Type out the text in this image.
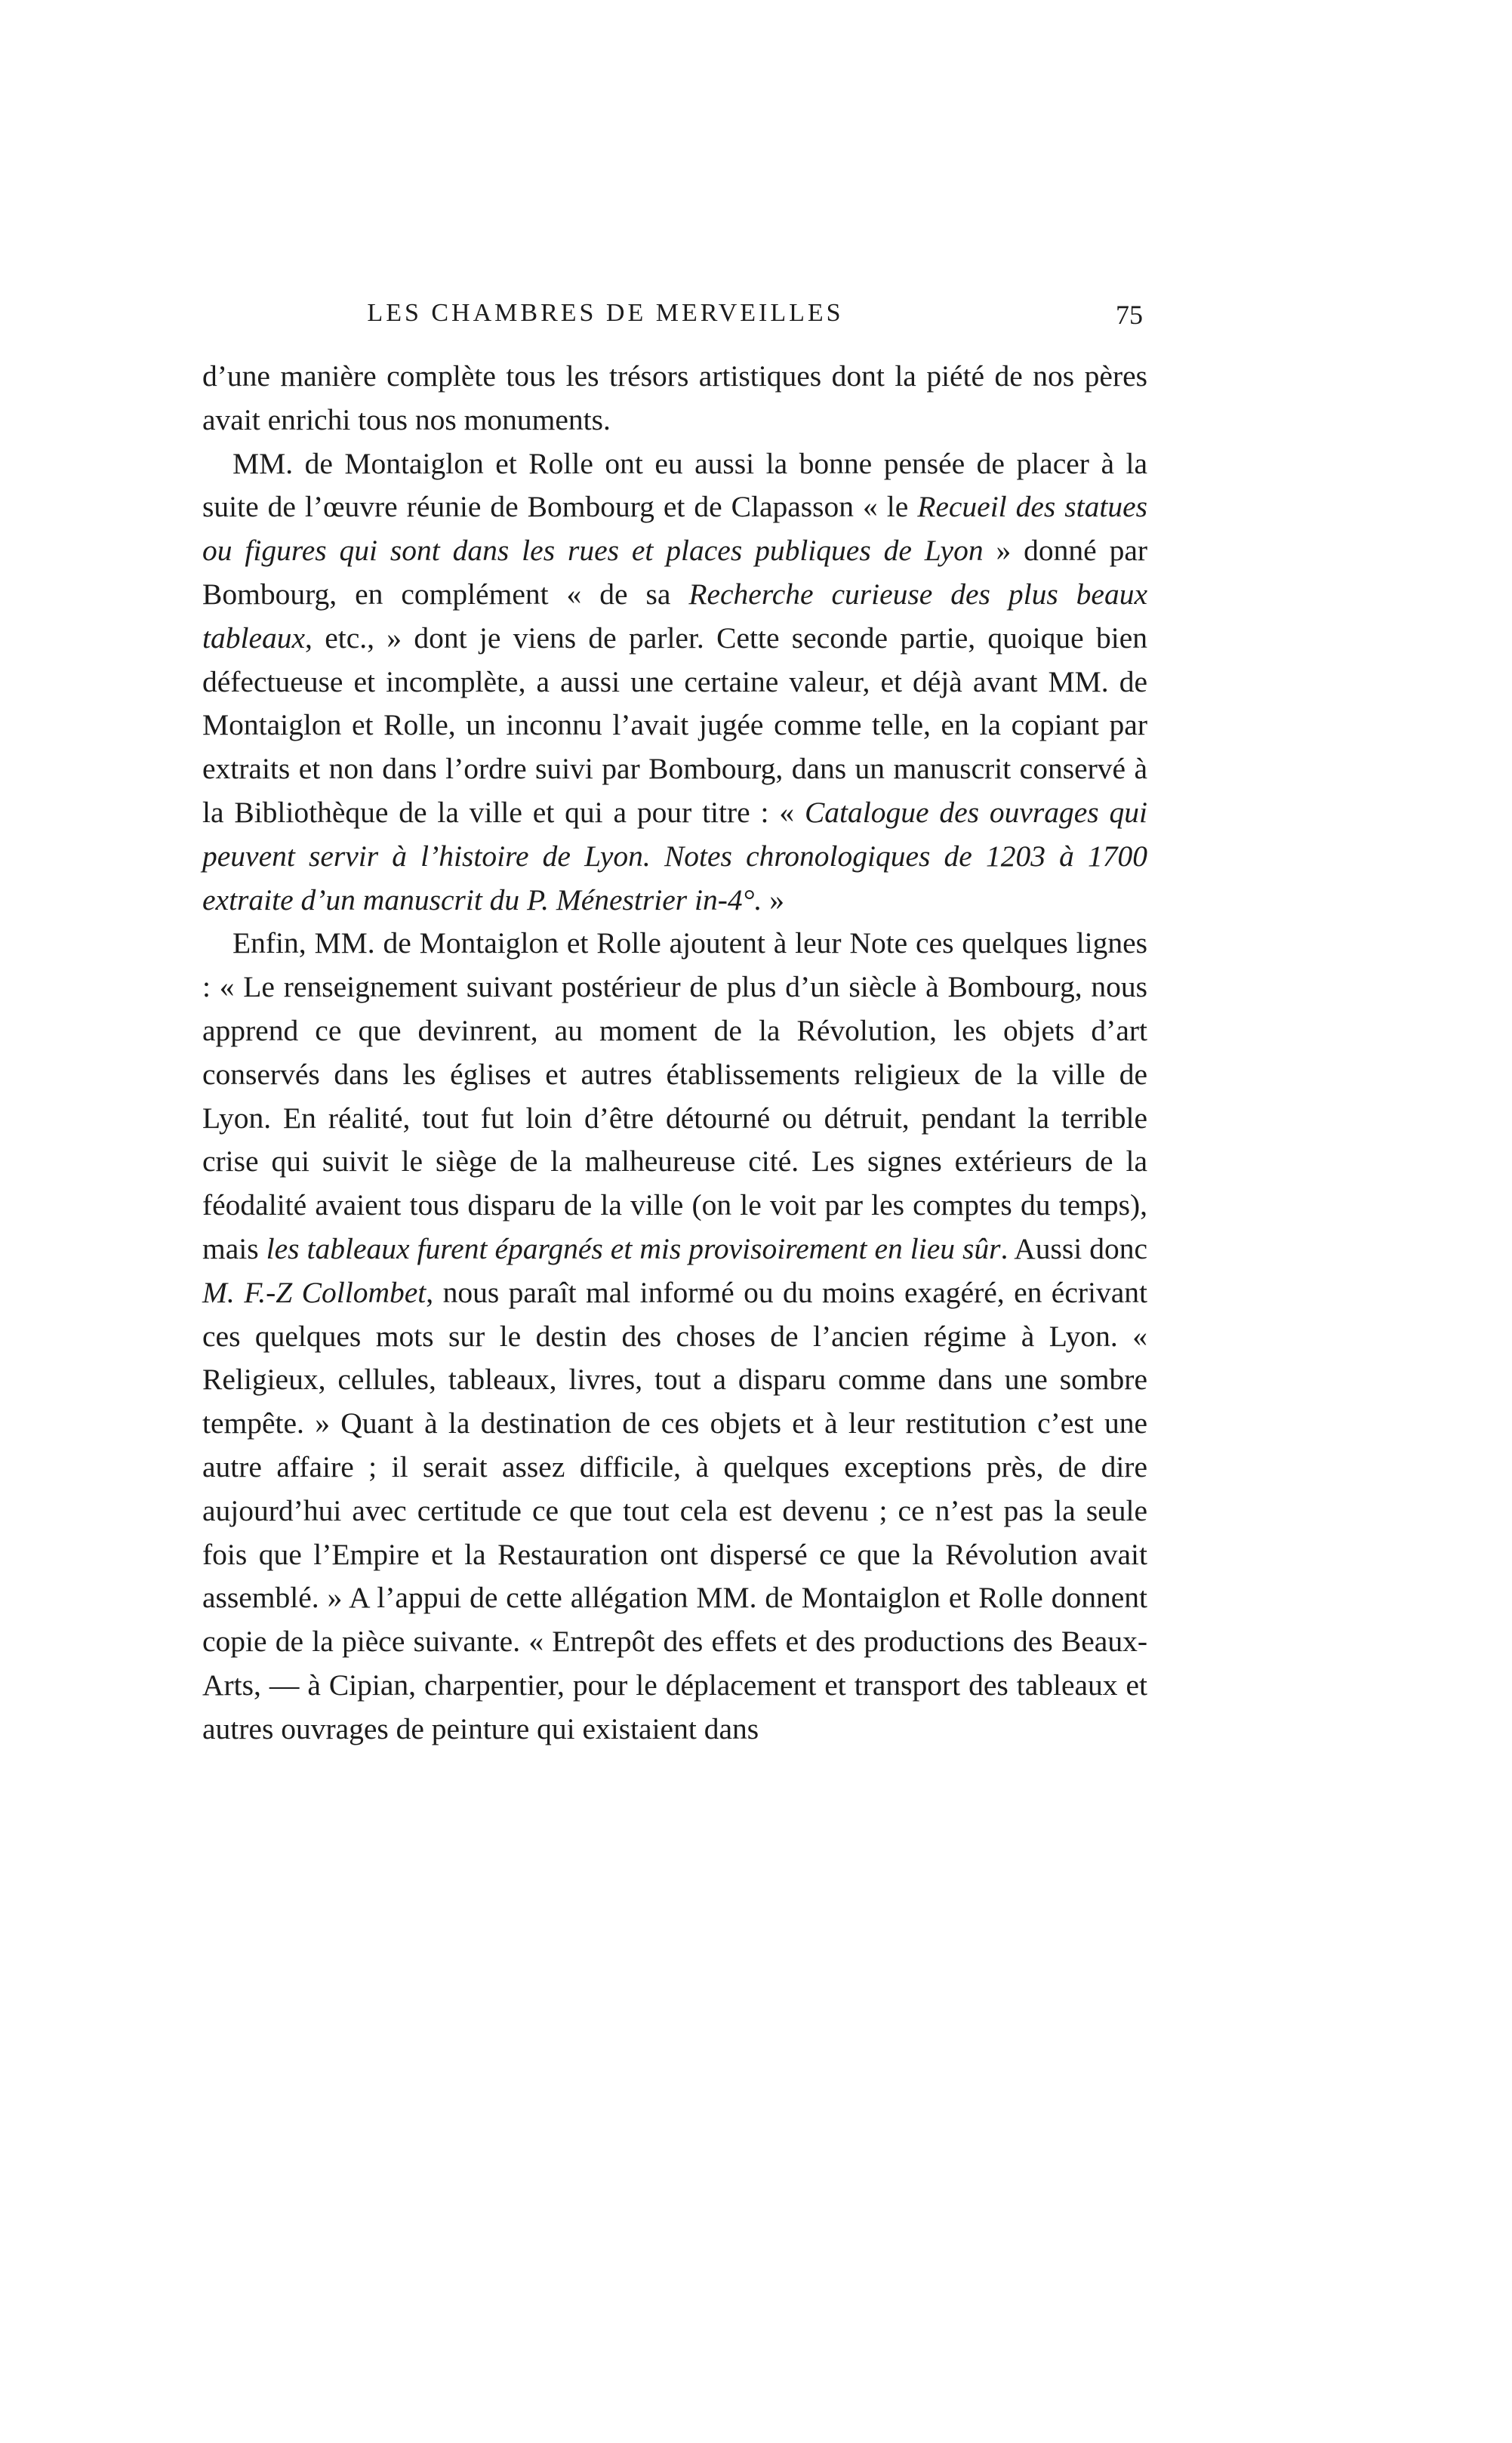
LES CHAMBRES DE MERVEILLES	75

d’une manière complète tous les trésors artistiques dont la piété de nos pères avait enrichi tous nos monuments.

MM. de Montaiglon et Rolle ont eu aussi la bonne pensée de placer à la suite de l’œuvre réunie de Bombourg et de Clapasson « le Recueil des statues ou figures qui sont dans les rues et places publiques de Lyon » donné par Bombourg, en complément « de sa Recherche curieuse des plus beaux tableaux, etc., » dont je viens de parler. Cette seconde partie, quoique bien défectueuse et incomplète, a aussi une certaine valeur, et déjà avant MM. de Montaiglon et Rolle, un inconnu l’avait jugée comme telle, en la copiant par extraits et non dans l’ordre suivi par Bombourg, dans un manuscrit conservé à la Bibliothèque de la ville et qui a pour titre : « Catalogue des ouvrages qui peuvent servir à l’histoire de Lyon. Notes chronologiques de 1203 à 1700 extraite d’un manuscrit du P. Ménestrier in-4°. »

Enfin, MM. de Montaiglon et Rolle ajoutent à leur Note ces quelques lignes : « Le renseignement suivant postérieur de plus d’un siècle à Bombourg, nous apprend ce que devinrent, au moment de la Révolution, les objets d’art conservés dans les églises et autres établissements religieux de la ville de Lyon. En réalité, tout fut loin d’être détourné ou détruit, pendant la terrible crise qui suivit le siège de la malheureuse cité. Les signes extérieurs de la féodalité avaient tous disparu de la ville (on le voit par les comptes du temps), mais les tableaux furent épargnés et mis provisoirement en lieu sûr. Aussi donc M. F.-Z Collombet, nous paraît mal informé ou du moins exagéré, en écrivant ces quelques mots sur le destin des choses de l’ancien régime à Lyon. « Religieux, cellules, tableaux, livres, tout a disparu comme dans une sombre tempête. » Quant à la destination de ces objets et à leur restitution c’est une autre affaire ; il serait assez difficile, à quelques exceptions près, de dire aujourd’hui avec certitude ce que tout cela est devenu ; ce n’est pas la seule fois que l’Empire et la Restauration ont dispersé ce que la Révolution avait assemblé. » A l’appui de cette allégation MM. de Montaiglon et Rolle donnent copie de la pièce suivante. « Entrepôt des effets et des productions des Beaux-Arts, — à Cipian, charpentier, pour le déplacement et transport des tableaux et autres ouvrages de peinture qui existaient dans
